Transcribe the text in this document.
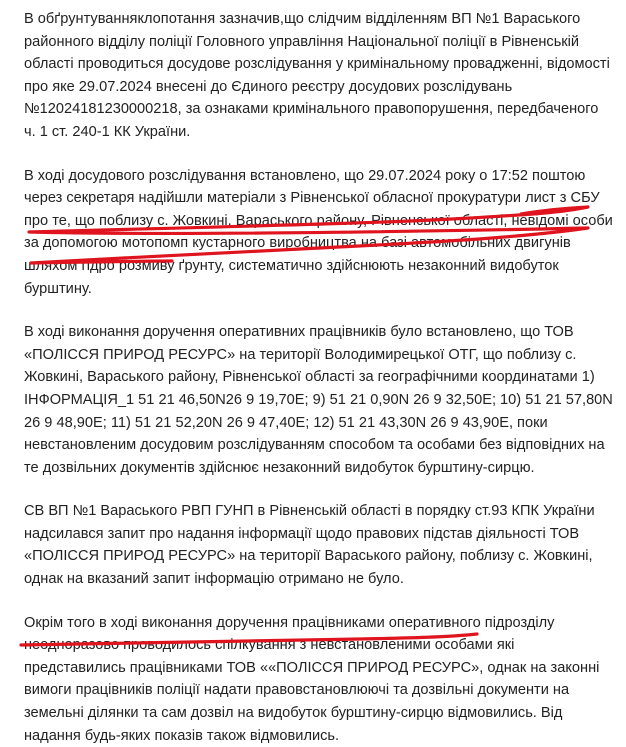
В обґрунтуванняклопотання зазначив,що слідчим відділенням ВП №1 Вараського районного відділу поліції Головного управління Національної поліції в Рівненській області проводиться досудове розслідування у кримінальному провадженні, відомості про яке 29.07.2024 внесені до Єдиного реєстру досудових розслідувань №12024181230000218, за ознаками кримінального правопорушення, передбаченого ч. 1 ст. 240-1 КК України.

В ході досудового розслідування встановлено, що 29.07.2024 року о 17:52 поштою через секретаря надійшли матеріали з Рівненської обласної прокуратури лист з СБУ про те, що поблизу с. Жовкині, Вараського району, Рівненської області, невідомі особи за допомогою мотопомп кустарного виробництва на базі автомобільних двигунів шляхом гідро розмиву ґрунту, систематично здійснюють незаконний видобуток бурштину.

В ході виконання доручення оперативних працівників було встановлено, що ТОВ «ПОЛІССЯ ПРИРОД РЕСУРС» на території Володимирецької ОТГ, що поблизу с. Жовкині, Вараського району, Рівненської області за географічними координатами 1) ІНФОРМАЦІЯ_1 51 21 46,50N26 9 19,70E; 9) 51 21 0,90N 26 9 32,50E; 10) 51 21 57,80N 26 9 48,90E; 11) 51 21 52,20N 26 9 47,40E; 12) 51 21 43,30N 26 9 43,90E, поки невстановленим досудовим розслідуванням способом та особами без відповідних на те дозвільних документів здійснює незаконний видобуток бурштину-сирцю.

СВ ВП №1 Вараського РВП ГУНП в Рівненській області в порядку ст.93 КПК України надсилався запит про надання інформації щодо правових підстав діяльності ТОВ «ПОЛІССЯ ПРИРОД РЕСУРС» на території Вараського району, поблизу с. Жовкині, однак на вказаний запит інформацію отримано не було.

Окрім того в ході виконання доручення працівниками оперативного підрозділу неодноразово проводилось спілкування з невстановленими особами які представились працівниками ТОВ ««ПОЛІССЯ ПРИРОД РЕСУРС», однак на законні вимоги працівників поліції надати правовстановлюючі та дозвільні документи на земельні ділянки та сам дозвіл на видобуток бурштину-сирцю відмовились. Від надання будь-яких показів також відмовились.
